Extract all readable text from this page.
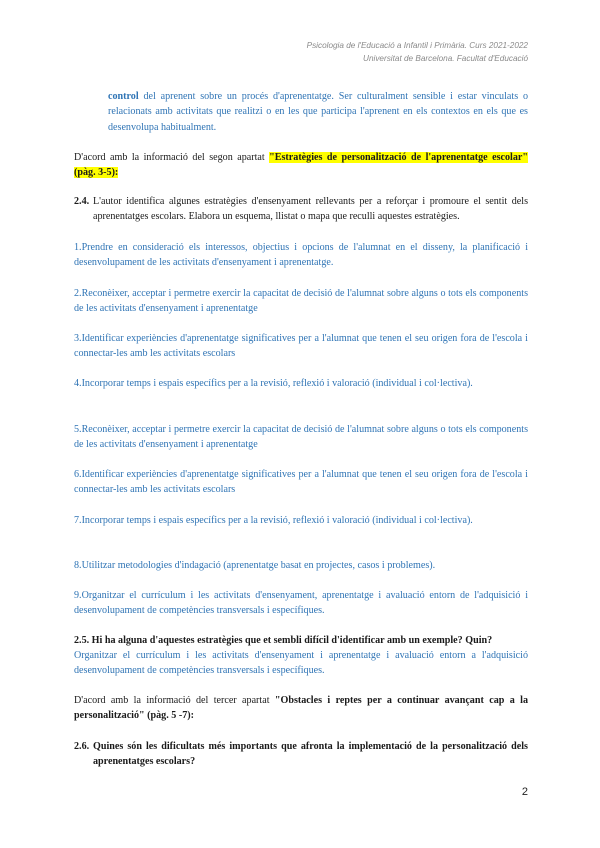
Psicologia de l'Educació a Infantil i Primària. Curs 2021-2022
Universitat de Barcelona. Facultat d'Educació
control del aprenent sobre un procés d'aprenentatge. Ser culturalment sensible i estar vinculats o relacionats amb activitats que realitzi o en les que participa l'aprenent en els contextos en els que es desenvolupa habitualment.
D'acord amb la informació del segon apartat "Estratègies de personalització de l'aprenentatge escolar" (pàg. 3-5):
2.4. L'autor identifica algunes estratègies d'ensenyament rellevants per a reforçar i promoure el sentit dels aprenentatges escolars. Elabora un esquema, llistat o mapa que reculli aquestes estratègies.
1.Prendre en consideració els interessos, objectius i opcions de l'alumnat en el disseny, la planificació i desenvolupament de les activitats d'ensenyament i aprenentatge.
2.Reconèixer, acceptar i permetre exercir la capacitat de decisió de l'alumnat sobre alguns o tots els components de les activitats d'ensenyament i aprenentatge
3.Identificar experiències d'aprenentatge significatives per a l'alumnat que tenen el seu origen fora de l'escola i connectar-les amb les activitats escolars
4.Incorporar temps i espais específics per a la revisió, reflexió i valoració (individual i col·lectiva).
5.Reconèixer, acceptar i permetre exercir la capacitat de decisió de l'alumnat sobre alguns o tots els components de les activitats d'ensenyament i aprenentatge
6.Identificar experiències d'aprenentatge significatives per a l'alumnat que tenen el seu origen fora de l'escola i connectar-les amb les activitats escolars
7.Incorporar temps i espais específics per a la revisió, reflexió i valoració (individual i col·lectiva).
8.Utilitzar metodologies d'indagació (aprenentatge basat en projectes, casos i problemes).
9.Organitzar el currículum i les activitats d'ensenyament, aprenentatge i avaluació entorn de l'adquisició i desenvolupament de competències transversals i específiques.
2.5. Hi ha alguna d'aquestes estratègies que et sembli difícil d'identificar amb un exemple? Quin?
Organitzar el currículum i les activitats d'ensenyament i aprenentatge i avaluació entorn a l'adquisició desenvolupament de competències transversals i específiques.
D'acord amb la informació del tercer apartat "Obstacles i reptes per a continuar avançant cap a la personalització" (pàg. 5 -7):
2.6. Quines són les dificultats més importants que afronta la implementació de la personalització dels aprenentatges escolars?
2
